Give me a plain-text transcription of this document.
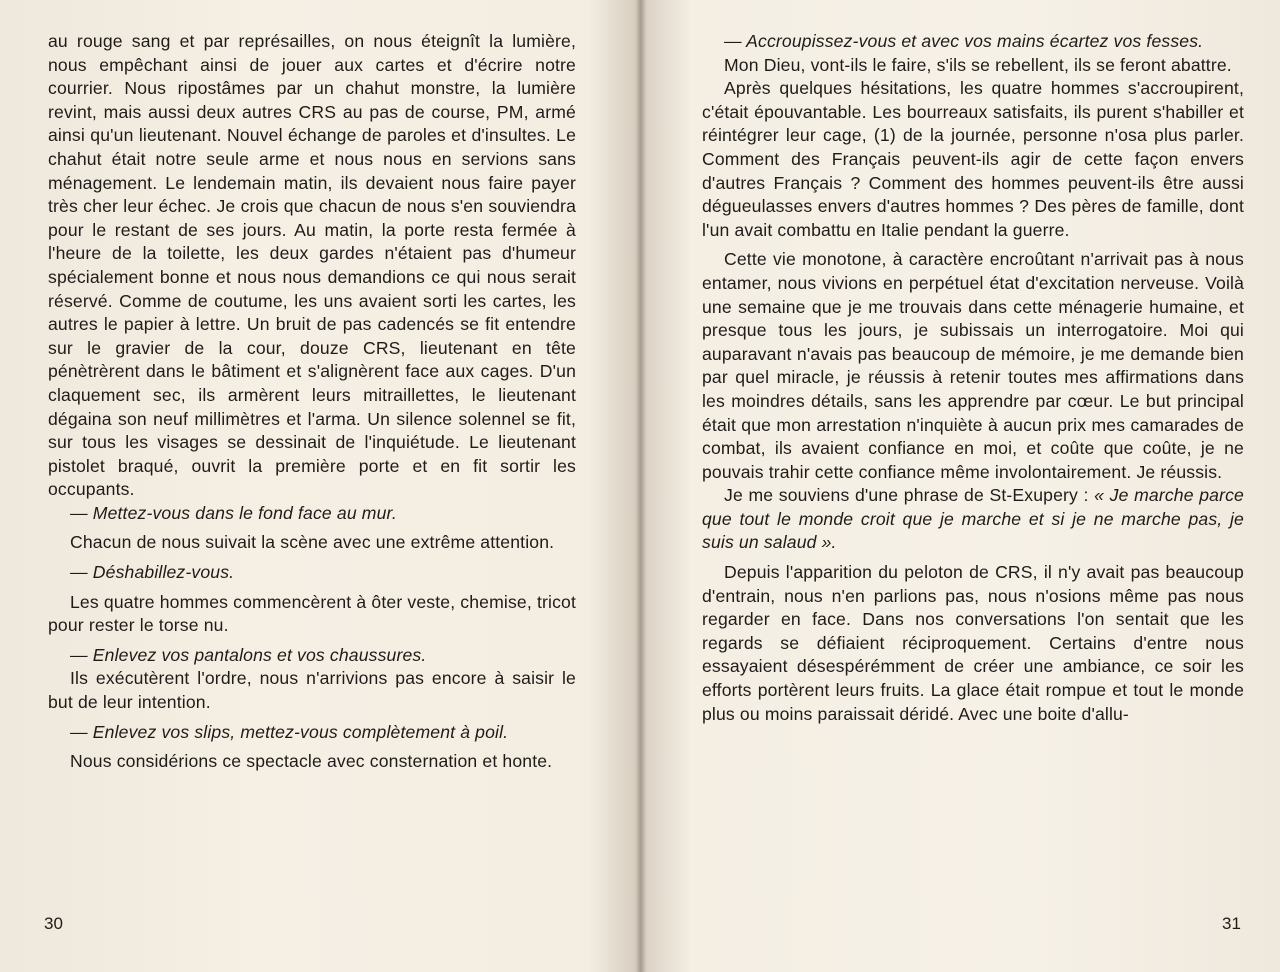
au rouge sang et par représailles, on nous éteignît la lumière, nous empêchant ainsi de jouer aux cartes et d'écrire notre courrier. Nous ripostâmes par un chahut monstre, la lumière revint, mais aussi deux autres CRS au pas de course, PM, armé ainsi qu'un lieutenant. Nouvel échange de paroles et d'insultes. Le chahut était notre seule arme et nous nous en servions sans ménagement. Le lendemain matin, ils devaient nous faire payer très cher leur échec. Je crois que chacun de nous s'en souviendra pour le restant de ses jours. Au matin, la porte resta fermée à l'heure de la toilette, les deux gardes n'étaient pas d'humeur spécialement bonne et nous nous demandions ce qui nous serait réservé. Comme de coutume, les uns avaient sorti les cartes, les autres le papier à lettre. Un bruit de pas cadencés se fit entendre sur le gravier de la cour, douze CRS, lieutenant en tête pénètrèrent dans le bâtiment et s'alignèrent face aux cages. D'un claquement sec, ils armèrent leurs mitraillettes, le lieutenant dégaina son neuf millimètres et l'arma. Un silence solennel se fit, sur tous les visages se dessinait de l'inquiétude. Le lieutenant pistolet braqué, ouvrit la première porte et en fit sortir les occupants.

— Mettez-vous dans le fond face au mur.

Chacun de nous suivait la scène avec une extrême attention.

— Déshabillez-vous.

Les quatre hommes commencèrent à ôter veste, chemise, tricot pour rester le torse nu.

— Enlevez vos pantalons et vos chaussures.

Ils exécutèrent l'ordre, nous n'arrivions pas encore à saisir le but de leur intention.

— Enlevez vos slips, mettez-vous complètement à poil.

Nous considérions ce spectacle avec consternation et honte.

30

— Accroupissez-vous et avec vos mains écartez vos fesses.

Mon Dieu, vont-ils le faire, s'ils se rebellent, ils se feront abattre.

Après quelques hésitations, les quatre hommes s'accroupirent, c'était épouvantable. Les bourreaux satisfaits, ils purent s'habiller et réintégrer leur cage, (1) de la journée, personne n'osa plus parler. Comment des Français peuvent-ils agir de cette façon envers d'autres Français ? Comment des hommes peuvent-ils être aussi dégueulasses envers d'autres hommes ? Des pères de famille, dont l'un avait combattu en Italie pendant la guerre.

Cette vie monotone, à caractère encroûtant n'arrivait pas à nous entamer, nous vivions en perpétuel état d'excitation nerveuse. Voilà une semaine que je me trouvais dans cette ménagerie humaine, et presque tous les jours, je subissais un interrogatoire. Moi qui auparavant n'avais pas beaucoup de mémoire, je me demande bien par quel miracle, je réussis à retenir toutes mes affirmations dans les moindres détails, sans les apprendre par cœur. Le but principal était que mon arrestation n'inquiète à aucun prix mes camarades de combat, ils avaient confiance en moi, et coûte que coûte, je ne pouvais trahir cette confiance même involontairement. Je réussis.

Je me souviens d'une phrase de St-Exupery : « Je marche parce que tout le monde croit que je marche et si je ne marche pas, je suis un salaud ».

Depuis l'apparition du peloton de CRS, il n'y avait pas beaucoup d'entrain, nous n'en parlions pas, nous n'osions même pas nous regarder en face. Dans nos conversations l'on sentait que les regards se défiaient réciproquement. Certains d'entre nous essayaient désespérémment de créer une ambiance, ce soir les efforts portèrent leurs fruits. La glace était rompue et tout le monde plus ou moins paraissait déridé. Avec une boite d'allu-

31
